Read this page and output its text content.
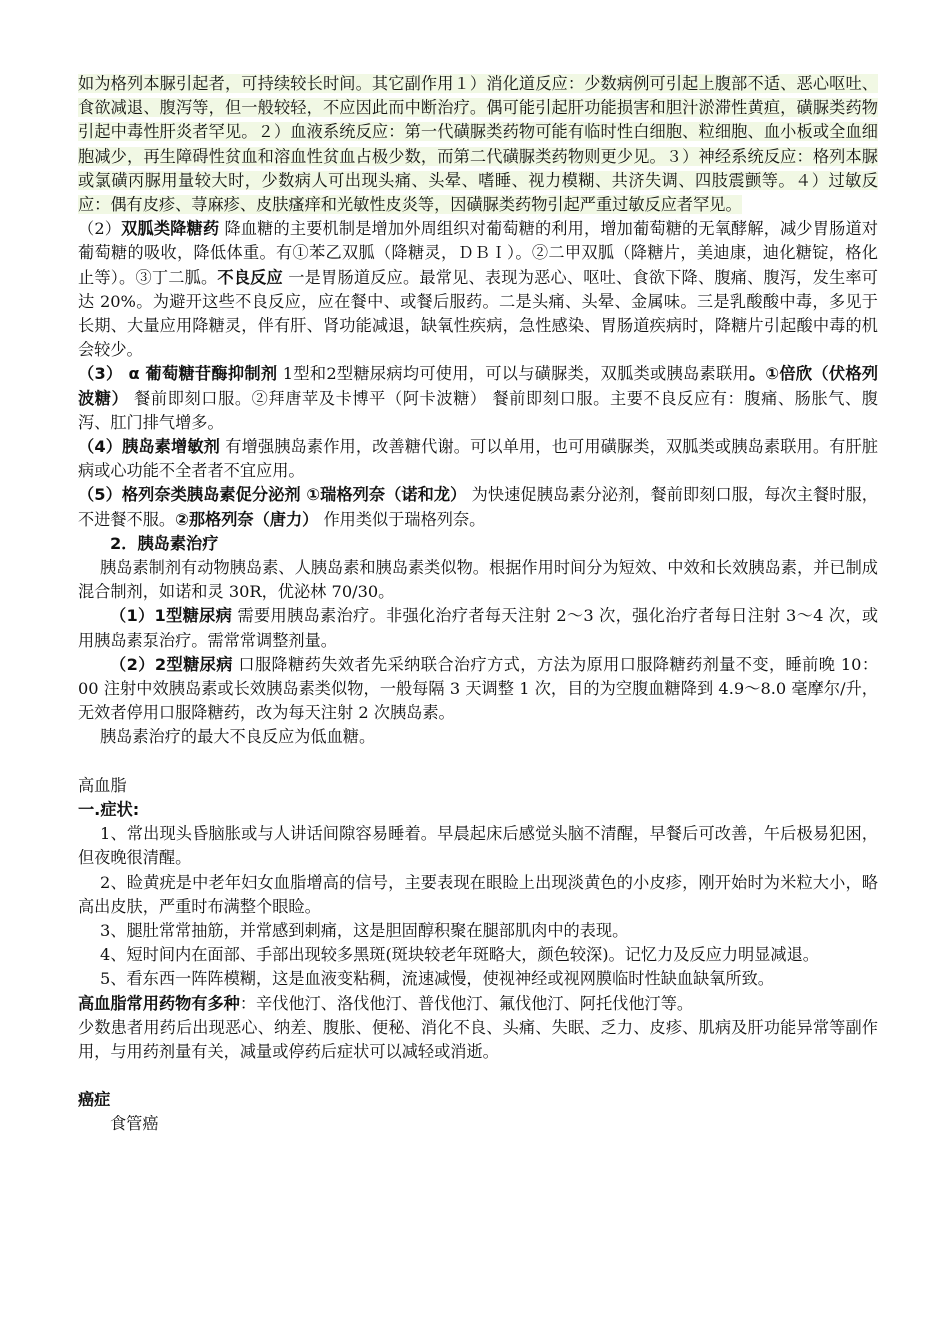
如为格列本脲引起者，可持续较长时间。其它副作用１）消化道反应：少数病例可引起上腹部不适、恶心呕吐、食欲减退、腹泻等，但一般较轻，不应因此而中断治疗。偶可能引起肝功能损害和胆汁淤滞性黄疸，磺脲类药物引起中毒性肝炎者罕见。２）血液系统反应：第一代磺脲类药物可能有临时性白细胞、粒细胞、血小板或全血细胞减少，再生障碍性贫血和溶血性贫血占极少数，而第二代磺脲类药物则更少见。３）神经系统反应：格列本脲或氯磺丙脲用量较大时，少数病人可出现头痛、头晕、嗜睡、视力模糊、共济失调、四肢震颤等。４）过敏反应：偶有皮疹、荨麻疹、皮肤瘙痒和光敏性皮炎等，因磺脲类药物引起严重过敏反应者罕见。

（2）双胍类降糖药 降血糖的主要机制是增加外周组织对葡萄糖的利用，增加葡萄糖的无氧酵解，减少胃肠道对葡萄糖的吸收，降低体重。有①苯乙双胍（降糖灵，ＤＢＩ）。②二甲双胍（降糖片，美迪康，迪化糖锭，格化止等）。③丁二胍。不良反应 一是胃肠道反应。最常见、表现为恶心、呕吐、食欲下降、腹痛、腹泻，发生率可达 20%。为避开这些不良反应，应在餐中、或餐后服药。二是头痛、头晕、金属味。三是乳酸酸中毒，多见于长期、大量应用降糖灵，伴有肝、肾功能减退，缺氧性疾病，急性感染、胃肠道疾病时，降糖片引起酸中毒的机会较少。

（3） α 葡萄糖苷酶抑制剂 1型和2型糖尿病均可使用，可以与磺脲类，双胍类或胰岛素联用。①倍欣（伏格列波糖） 餐前即刻口服。②拜唐苹及卡博平（阿卡波糖） 餐前即刻口服。主要不良反应有：腹痛、肠胀气、腹泻、肛门排气增多。

（4）胰岛素增敏剂 有增强胰岛素作用，改善糖代谢。可以单用，也可用磺脲类，双胍类或胰岛素联用。有肝脏病或心功能不全者者不宜应用。

（5）格列奈类胰岛素促分泌剂 ①瑞格列奈（诺和龙） 为快速促胰岛素分泌剂，餐前即刻口服，每次主餐时服，不进餐不服。②那格列奈（唐力） 作用类似于瑞格列奈。

2．胰岛素治疗

胰岛素制剂有动物胰岛素、人胰岛素和胰岛素类似物。根据作用时间分为短效、中效和长效胰岛素，并已制成混合制剂，如诺和灵 30R，优泌林 70/30。

（1）1型糖尿病 需要用胰岛素治疗。非强化治疗者每天注射 2～3 次，强化治疗者每日注射 3～4 次，或用胰岛素泵治疗。需常常调整剂量。

（2）2型糖尿病 口服降糖药失效者先采纳联合治疗方式，方法为原用口服降糖药剂量不变，睡前晚 10：00 注射中效胰岛素或长效胰岛素类似物，一般每隔 3 天调整 1 次，目的为空腹血糖降到 4.9～8.0 毫摩尔/升，无效者停用口服降糖药，改为每天注射 2 次胰岛素。

胰岛素治疗的最大不良反应为低血糖。

高血脂

一.症状:

1、常出现头昏脑胀或与人讲话间隙容易睡着。早晨起床后感觉头脑不清醒，早餐后可改善，午后极易犯困，但夜晚很清醒。

2、睑黄疣是中老年妇女血脂增高的信号，主要表现在眼睑上出现淡黄色的小皮疹，刚开始时为米粒大小，略高出皮肤，严重时布满整个眼睑。

3、腿肚常常抽筋，并常感到刺痛，这是胆固醇积聚在腿部肌肉中的表现。

4、短时间内在面部、手部出现较多黑斑(斑块较老年斑略大，颜色较深)。记忆力及反应力明显减退。

5、看东西一阵阵模糊，这是血液变粘稠，流速减慢，使视神经或视网膜临时性缺血缺氧所致。

高血脂常用药物有多种：辛伐他汀、洛伐他汀、普伐他汀、氟伐他汀、阿托伐他汀等。

少数患者用药后出现恶心、纳差、腹胀、便秘、消化不良、头痛、失眠、乏力、皮疹、肌病及肝功能异常等副作用，与用药剂量有关，减量或停药后症状可以减轻或消逝。

癌症

食管癌
